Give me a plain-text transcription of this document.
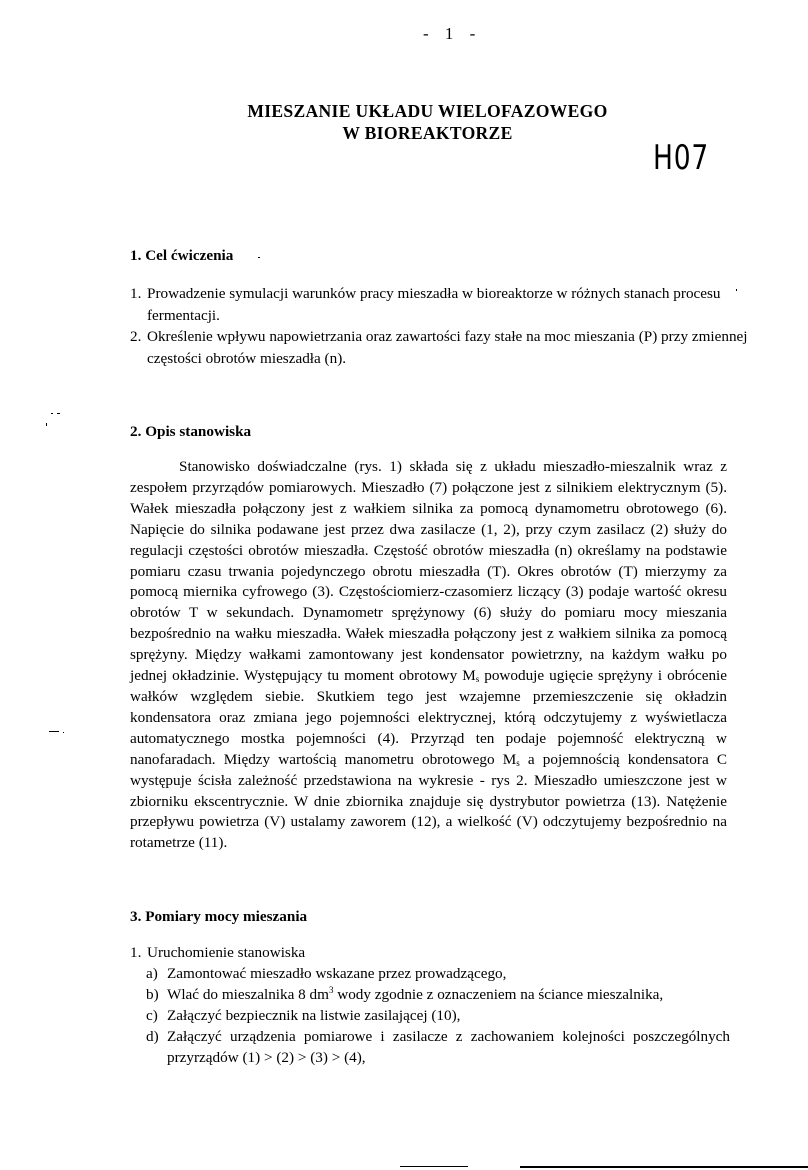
- 1 -
MIESZANIE UKŁADU WIELOFAZOWEGO
W BIOREAKTORZE
H07
1. Cel ćwiczenia
1. Prowadzenie symulacji warunków pracy mieszadła w bioreaktorze w różnych stanach procesu fermentacji.
2. Określenie wpływu napowietrzania oraz zawartości fazy stałe na moc mieszania (P) przy zmiennej częstości obrotów mieszadła (n).
2. Opis stanowiska
Stanowisko doświadczalne (rys. 1) składa się z układu mieszadło-mieszalnik wraz z zespołem przyrządów pomiarowych. Mieszadło (7) połączone jest z silnikiem elektrycznym (5). Wałek mieszadła połączony jest z wałkiem silnika za pomocą dynamometru obrotowego (6). Napięcie do silnika podawane jest przez dwa zasilacze (1, 2), przy czym zasilacz (2) służy do regulacji częstości obrotów mieszadła. Częstość obrotów mieszadła (n) określamy na podstawie pomiaru czasu trwania pojedynczego obrotu mieszadła (T). Okres obrotów (T) mierzymy za pomocą miernika cyfrowego (3). Częstościomierz-czasomierz liczący (3) podaje wartość okresu obrotów T w sekundach. Dynamometr sprężynowy (6) służy do pomiaru mocy mieszania bezpośrednio na wałku mieszadła. Wałek mieszadła połączony jest z wałkiem silnika za pomocą sprężyny. Między wałkami zamontowany jest kondensator powietrzny, na każdym wałku po jednej okładzinie. Występujący tu moment obrotowy $M_s$ powoduje ugięcie sprężyny i obrócenie wałków względem siebie. Skutkiem tego jest wzajemne przemieszczenie się okładzin kondensatora oraz zmiana jego pojemności elektrycznej, którą odczytujemy z wyświetlacza automatycznego mostka pojemności (4). Przyrząd ten podaje pojemność elektryczną w nanofaradach. Między wartością manometru obrotowego $M_s$ a pojemnością kondensatora C występuje ścisła zależność przedstawiona na wykresie - rys 2. Mieszadło umieszczone jest w zbiorniku ekscentrycznie. W dnie zbiornika znajduje się dystrybutor powietrza (13). Natężenie przepływu powietrza (V) ustalamy zaworem (12), a wielkość (V) odczytujemy bezpośrednio na rotametrze (11).
3. Pomiary mocy mieszania
1. Uruchomienie stanowiska
a) Zamontować mieszadło wskazane przez prowadzącego,
b) Wlać do mieszalnika 8 $dm^3$ wody zgodnie z oznaczeniem na ściance mieszalnika,
c) Załączyć bezpiecznik na listwie zasilającej (10),
d) Załączyć urządzenia pomiarowe i zasilacze z zachowaniem kolejności poszczególnych przyrządów (1) > (2) > (3) > (4),
